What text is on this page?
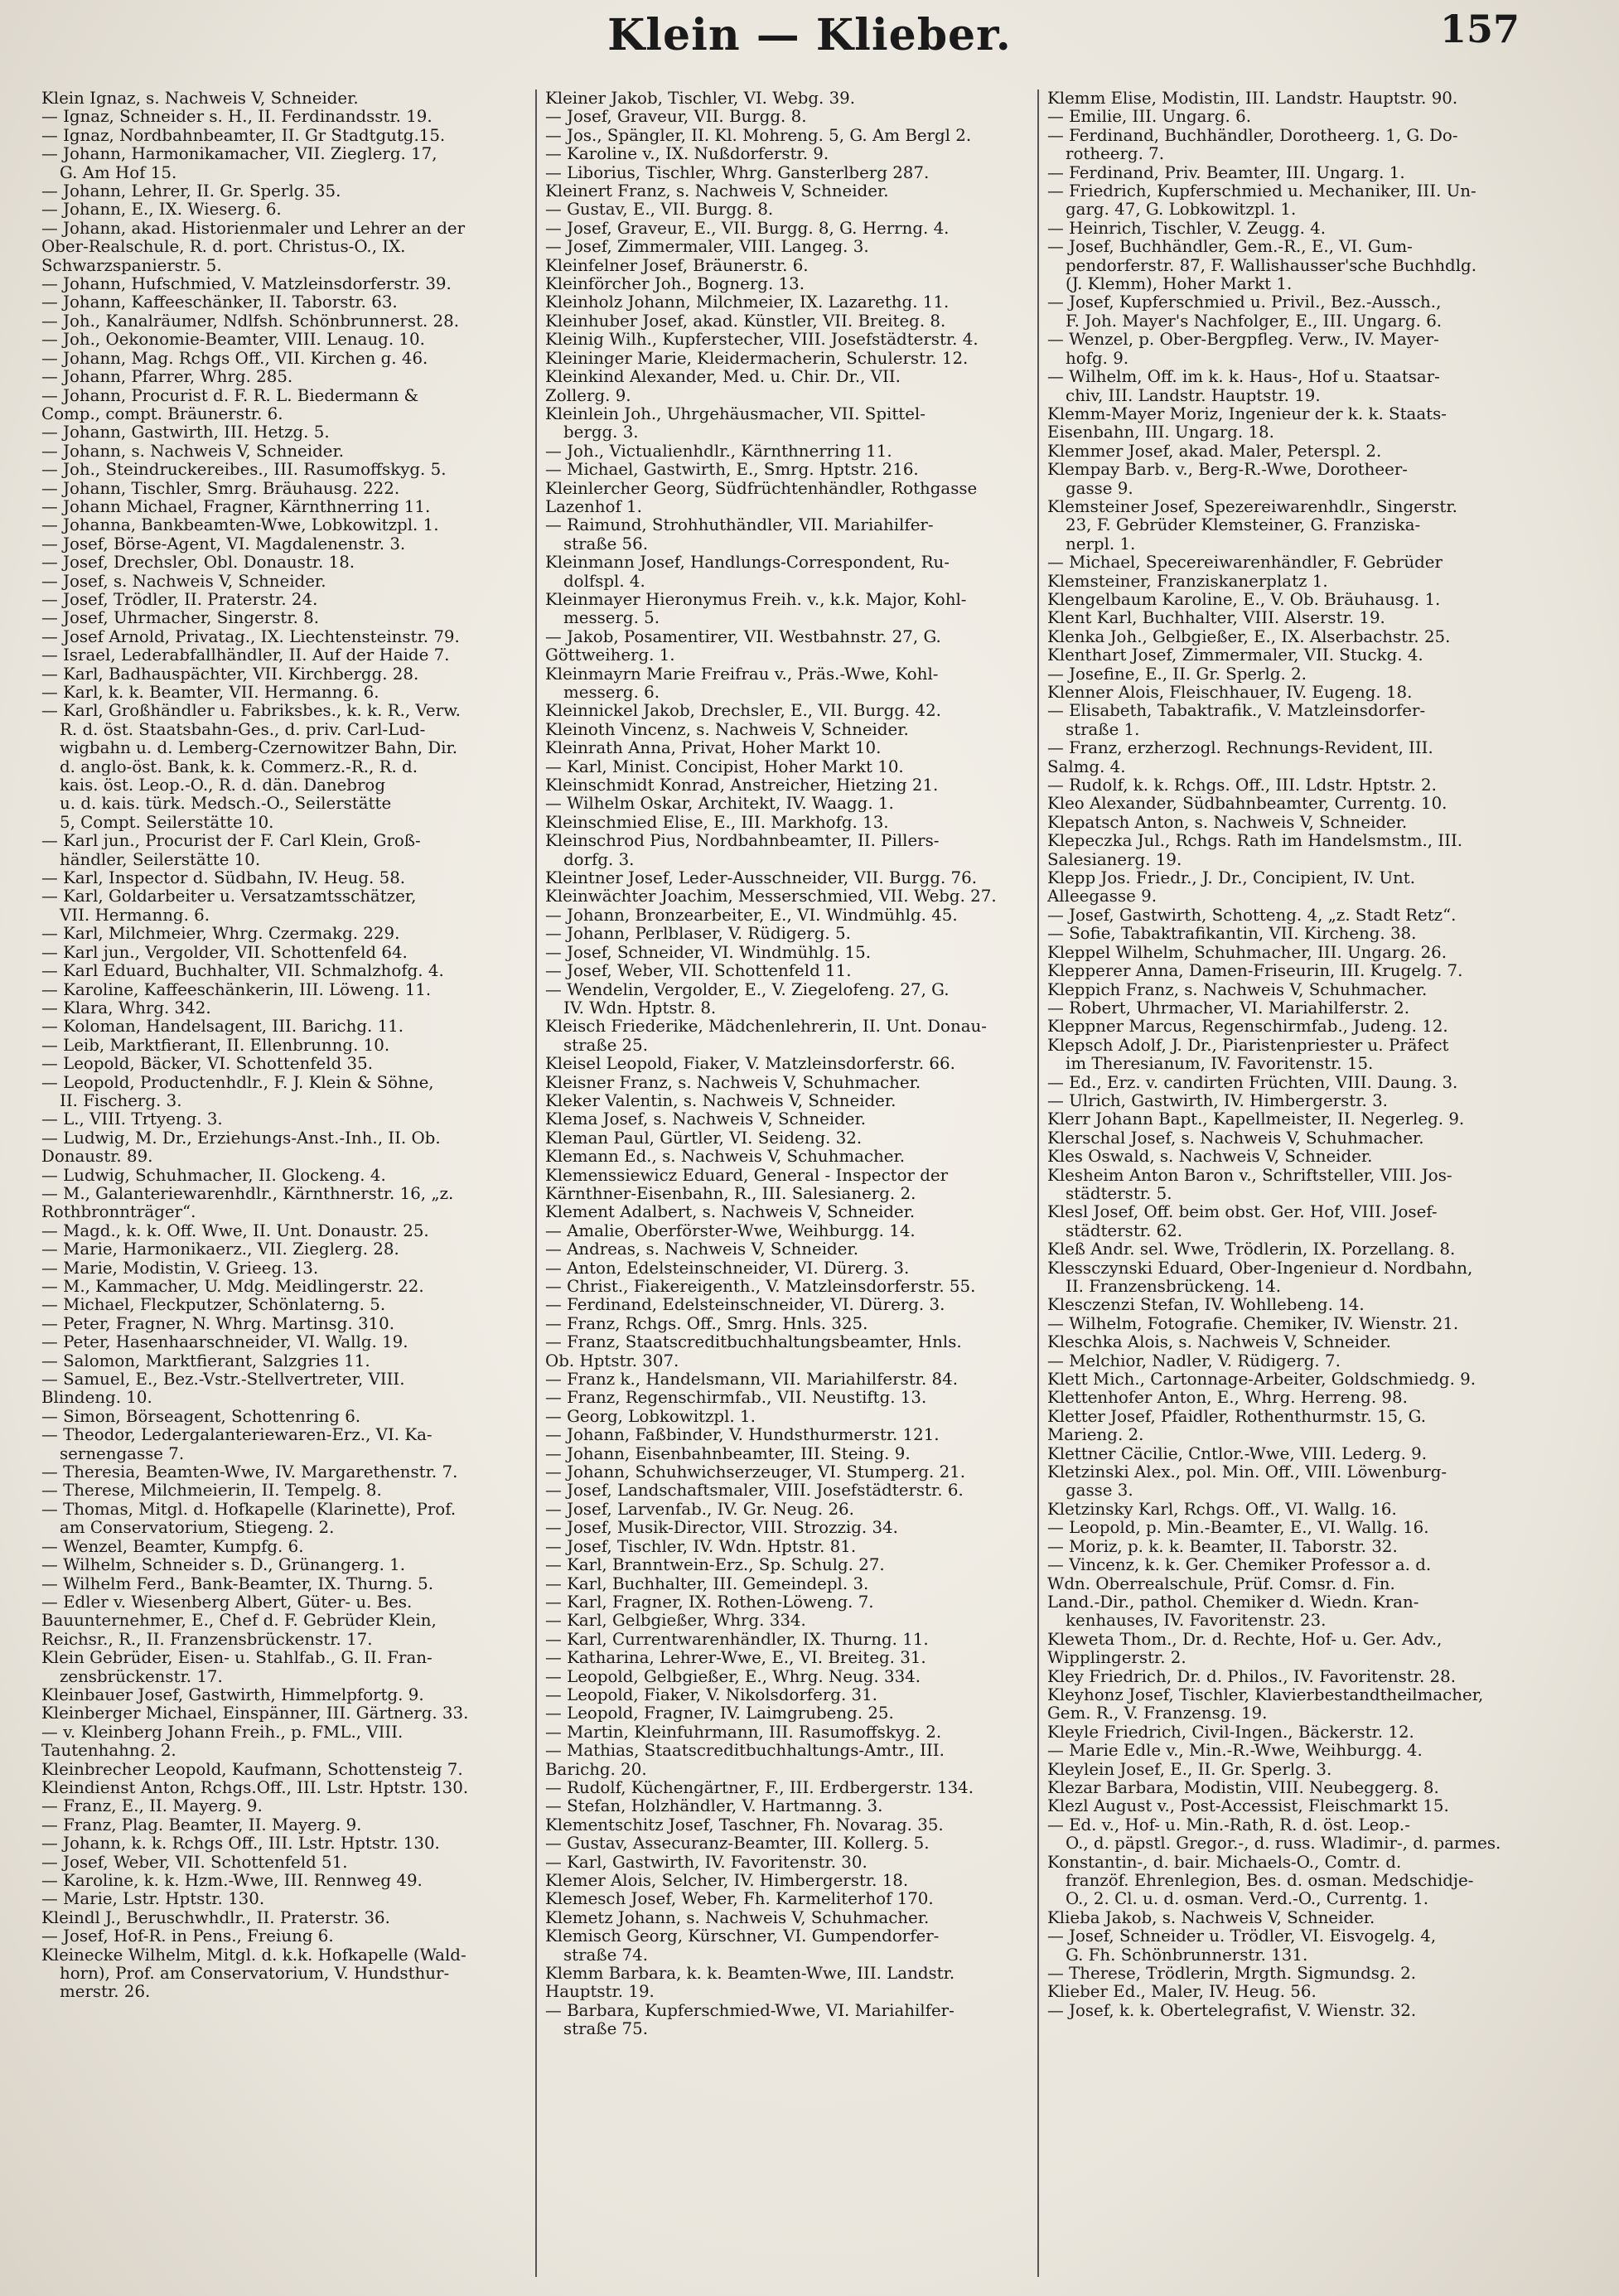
Klein — Klieber.	157
Klein Ignaz, s. Nachweis V, Schneider.
— Ignaz, Schneider s. H., II. Ferdinandsstr. 19.
— Ignaz, Nordbahnbeamter, II. Gr Stadtgutg.15.
— Johann, Harmonikamacher, VII. Zieglerg. 17,
G. Am Hof 15.
— Johann, Lehrer, II. Gr. Sperlg. 35.
— Johann, E., IX. Wieserg. 6.
— Johann, akad. Historienmaler und Lehrer an der
Ober-Realschule, R. d. port. Christus-O., IX.
Schwarzspanierstr. 5.
— Johann, Hufschmied, V. Matzleinsdorferstr. 39.
— Johann, Kaffeeschänker, II. Taborstr. 63.
— Joh., Kanalräumer, Ndlfsh. Schönbrunnerst. 28.
— Joh., Oekonomie-Beamter, VIII. Lenaug. 10.
— Johann, Mag. Rchgs Off., VII. Kirchen g. 46.
— Johann, Pfarrer, Whrg. 285.
— Johann, Procurist d. F. R. L. Biedermann &
Comp., compt. Bräunerstr. 6.
— Johann, Gastwirth, III. Hetzg. 5.
— Johann, s. Nachweis V, Schneider.
— Joh., Steindruckereibes., III. Rasumoffskyg. 5.
— Johann, Tischler, Smrg. Bräuhausg. 222.
— Johann Michael, Fragner, Kärnthnerring 11.
— Johanna, Bankbeamten-Wwe, Lobkowitzpl. 1.
— Josef, Börse-Agent, VI. Magdalenenstr. 3.
— Josef, Drechsler, Obl. Donaustr. 18.
— Josef, s. Nachweis V, Schneider.
— Josef, Trödler, II. Praterstr. 24.
— Josef, Uhrmacher, Singerstr. 8.
— Josef Arnold, Privatag., IX. Liechtensteinstr. 79.
— Israel, Lederabfallhändler, II. Auf der Haide 7.
— Karl, Badhauspächter, VII. Kirchbergg. 28.
— Karl, k. k. Beamter, VII. Hermanng. 6.
— Karl, Großhändler u. Fabriksbes., k. k. R., Verw.
R. d. öst. Staatsbahn-Ges., d. priv. Carl-Lud-
wigbahn u. d. Lemberg-Czernowitzer Bahn, Dir.
d. anglo-öst. Bank, k. k. Commerz.-R., R. d.
kais. öst. Leop.-O., R. d. dän. Danebrog
u. d. kais. türk. Medsch.-O., Seilerstätte
5, Compt. Seilerstätte 10.
— Karl jun., Procurist der F. Carl Klein, Groß-
händler, Seilerstätte 10.
— Karl, Inspector d. Südbahn, IV. Heug. 58.
— Karl, Goldarbeiter u. Versatzamtsschätzer,
VII. Hermanng. 6.
— Karl, Milchmeier, Whrg. Czermakg. 229.
— Karl jun., Vergolder, VII. Schottenfeld 64.
— Karl Eduard, Buchhalter, VII. Schmalzhofg. 4.
— Karoline, Kaffeeschänkerin, III. Löweng. 11.
— Klara, Whrg. 342.
— Koloman, Handelsagent, III. Barichg. 11.
— Leib, Marktfierant, II. Ellenbrunng. 10.
— Leopold, Bäcker, VI. Schottenfeld 35.
— Leopold, Productenhdlr., F. J. Klein & Söhne,
II. Fischerg. 3.
— L., VIII. Trtyeng. 3.
— Ludwig, M. Dr., Erziehungs-Anst.-Inh., II. Ob.
Donaustr. 89.
— Ludwig, Schuhmacher, II. Glockeng. 4.
— M., Galanteriewarenhdlr., Kärnthnerstr. 16, „z.
Rothbronnträger“.
— Magd., k. k. Off. Wwe, II. Unt. Donaustr. 25.
— Marie, Harmonikaerz., VII. Zieglerg. 28.
— Marie, Modistin, V. Grieeg. 13.
— M., Kammacher, U. Mdg. Meidlingerstr. 22.
— Michael, Fleckputzer, Schönlaterng. 5.
— Peter, Fragner, N. Whrg. Martinsg. 310.
— Peter, Hasenhaarschneider, VI. Wallg. 19.
— Salomon, Marktfierant, Salzgries 11.
— Samuel, E., Bez.-Vstr.-Stellvertreter, VIII.
Blindeng. 10.
— Simon, Börseagent, Schottenring 6.
— Theodor, Ledergalanteriewaren-Erz., VI. Ka-
sernengasse 7.
— Theresia, Beamten-Wwe, IV. Margarethenstr. 7.
— Therese, Milchmeierin, II. Tempelg. 8.
— Thomas, Mitgl. d. Hofkapelle (Klarinette), Prof.
am Conservatorium, Stiegeng. 2.
— Wenzel, Beamter, Kumpfg. 6.
— Wilhelm, Schneider s. D., Grünangerg. 1.
— Wilhelm Ferd., Bank-Beamter, IX. Thurng. 5.
— Edler v. Wiesenberg Albert, Güter- u. Bes.
Bauunternehmer, E., Chef d. F. Gebrüder Klein,
Reichsr., R., II. Franzensbrückenstr. 17.
Klein Gebrüder, Eisen- u. Stahlfab., G. II. Fran-
zensbrückenstr. 17.
Kleinbauer Josef, Gastwirth, Himmelpfortg. 9.
Kleinberger Michael, Einspänner, III. Gärtnerg. 33.
— v. Kleinberg Johann Freih., p. FML., VIII.
Tautenhahng. 2.
Kleinbrecher Leopold, Kaufmann, Schottensteig 7.
Kleindienst Anton, Rchgs.Off., III. Lstr. Hptstr. 130.
— Franz, E., II. Mayerg. 9.
— Franz, Plag. Beamter, II. Mayerg. 9.
— Johann, k. k. Rchgs Off., III. Lstr. Hptstr. 130.
— Josef, Weber, VII. Schottenfeld 51.
— Karoline, k. k. Hzm.-Wwe, III. Rennweg 49.
— Marie, Lstr. Hptstr. 130.
Kleindl J., Beruschwhdlr., II. Praterstr. 36.
— Josef, Hof-R. in Pens., Freiung 6.
Kleinecke Wilhelm, Mitgl. d. k.k. Hofkapelle (Wald-
horn), Prof. am Conservatorium, V. Hundsthur-
merstr. 26.
Kleiner Jakob, Tischler, VI. Webg. 39.
— Josef, Graveur, VII. Burgg. 8.
— Jos., Spängler, II. Kl. Mohreng. 5, G. Am Bergl 2.
— Karoline v., IX. Nußdorferstr. 9.
— Liborius, Tischler, Whrg. Gansterlberg 287.
Kleinert Franz, s. Nachweis V, Schneider.
— Gustav, E., VII. Burgg. 8.
— Josef, Graveur, E., VII. Burgg. 8, G. Herrng. 4.
— Josef, Zimmermaler, VIII. Langeg. 3.
Kleinfelner Josef, Bräunerstr. 6.
Kleinförcher Joh., Bognerg. 13.
Kleinholz Johann, Milchmeier, IX. Lazarethg. 11.
Kleinhuber Josef, akad. Künstler, VII. Breiteg. 8.
Kleinig Wilh., Kupferstecher, VIII. Josefstädterstr. 4.
Kleininger Marie, Kleidermacherin, Schulerstr. 12.
Kleinkind Alexander, Med. u. Chir. Dr., VII.
Zollerg. 9.
Kleinlein Joh., Uhrgehäusmacher, VII. Spittel-
bergg. 3.
— Joh., Victualienhdlr., Kärnthnerring 11.
— Michael, Gastwirth, E., Smrg. Hptstr. 216.
Kleinlercher Georg, Südfrüchtenhändler, Rothgasse
Lazenhof 1.
— Raimund, Strohhuthändler, VII. Mariahilfer-
straße 56.
Kleinmann Josef, Handlungs-Correspondent, Ru-
dolfspl. 4.
Kleinmayer Hieronymus Freih. v., k.k. Major, Kohl-
messerg. 5.
— Jakob, Posamentirer, VII. Westbahnstr. 27, G.
Göttweiherg. 1.
Kleinmayrn Marie Freifrau v., Präs.-Wwe, Kohl-
messerg. 6.
Kleinnickel Jakob, Drechsler, E., VII. Burgg. 42.
Kleinoth Vincenz, s. Nachweis V, Schneider.
Kleinrath Anna, Privat, Hoher Markt 10.
— Karl, Minist. Concipist, Hoher Markt 10.
Kleinschmidt Konrad, Anstreicher, Hietzing 21.
— Wilhelm Oskar, Architekt, IV. Waagg. 1.
Kleinschmied Elise, E., III. Markhofg. 13.
Kleinschrod Pius, Nordbahnbeamter, II. Pillers-
dorfg. 3.
Kleintner Josef, Leder-Ausschneider, VII. Burgg. 76.
Kleinwächter Joachim, Messerschmied, VII. Webg. 27.
— Johann, Bronzearbeiter, E., VI. Windmühlg. 45.
— Johann, Perlblaser, V. Rüdigerg. 5.
— Josef, Schneider, VI. Windmühlg. 15.
— Josef, Weber, VII. Schottenfeld 11.
— Wendelin, Vergolder, E., V. Ziegelofeng. 27, G.
IV. Wdn. Hptstr. 8.
Kleisch Friederike, Mädchenlehrerin, II. Unt. Donau-
straße 25.
Kleisel Leopold, Fiaker, V. Matzleinsdorferstr. 66.
Kleisner Franz, s. Nachweis V, Schuhmacher.
Kleker Valentin, s. Nachweis V, Schneider.
Klema Josef, s. Nachweis V, Schneider.
Kleman Paul, Gürtler, VI. Seideng. 32.
Klemann Ed., s. Nachweis V, Schuhmacher.
Klemenssiewicz Eduard, General - Inspector der
Kärnthner-Eisenbahn, R., III. Salesianerg. 2.
Klement Adalbert, s. Nachweis V, Schneider.
— Amalie, Oberförster-Wwe, Weihburgg. 14.
— Andreas, s. Nachweis V, Schneider.
— Anton, Edelsteinschneider, VI. Dürerg. 3.
— Christ., Fiakereigenth., V. Matzleinsdorferstr. 55.
— Ferdinand, Edelsteinschneider, VI. Dürerg. 3.
— Franz, Rchgs. Off., Smrg. Hnls. 325.
— Franz, Staatscreditbuchhaltungsbeamter, Hnls.
Ob. Hptstr. 307.
— Franz k., Handelsmann, VII. Mariahilferstr. 84.
— Franz, Regenschirmfab., VII. Neustiftg. 13.
— Georg, Lobkowitzpl. 1.
— Johann, Faßbinder, V. Hundsthurmerstr. 121.
— Johann, Eisenbahnbeamter, III. Steing. 9.
— Johann, Schuhwichserzeuger, VI. Stumperg. 21.
— Josef, Landschaftsmaler, VIII. Josefstädterstr. 6.
— Josef, Larvenfab., IV. Gr. Neug. 26.
— Josef, Musik-Director, VIII. Strozzig. 34.
— Josef, Tischler, IV. Wdn. Hptstr. 81.
— Karl, Branntwein-Erz., Sp. Schulg. 27.
— Karl, Buchhalter, III. Gemeindepl. 3.
— Karl, Fragner, IX. Rothen-Löweng. 7.
— Karl, Gelbgießer, Whrg. 334.
— Karl, Currentwarenhändler, IX. Thurng. 11.
— Katharina, Lehrer-Wwe, E., VI. Breiteg. 31.
— Leopold, Gelbgießer, E., Whrg. Neug. 334.
— Leopold, Fiaker, V. Nikolsdorferg. 31.
— Leopold, Fragner, IV. Laimgrubeng. 25.
— Martin, Kleinfuhrmann, III. Rasumoffskyg. 2.
— Mathias, Staatscreditbuchhaltungs-Amtr., III.
Barichg. 20.
— Rudolf, Küchengärtner, F., III. Erdbergerstr. 134.
— Stefan, Holzhändler, V. Hartmanng. 3.
Klementschitz Josef, Taschner, Fh. Novarag. 35.
— Gustav, Assecuranz-Beamter, III. Kollerg. 5.
— Karl, Gastwirth, IV. Favoritenstr. 30.
Klemer Alois, Selcher, IV. Himbergerstr. 18.
Klemesch Josef, Weber, Fh. Karmeliterhof 170.
Klemetz Johann, s. Nachweis V, Schuhmacher.
Klemisch Georg, Kürschner, VI. Gumpendorfer-
straße 74.
Klemm Barbara, k. k. Beamten-Wwe, III. Landstr.
Hauptstr. 19.
— Barbara, Kupferschmied-Wwe, VI. Mariahilfer-
straße 75.
Klemm Elise, Modistin, III. Landstr. Hauptstr. 90.
— Emilie, III. Ungarg. 6.
— Ferdinand, Buchhändler, Dorotheerg. 1, G. Do-
rotheerg. 7.
— Ferdinand, Priv. Beamter, III. Ungarg. 1.
— Friedrich, Kupferschmied u. Mechaniker, III. Un-
garg. 47, G. Lobkowitzpl. 1.
— Heinrich, Tischler, V. Zeugg. 4.
— Josef, Buchhändler, Gem.-R., E., VI. Gum-
pendorferstr. 87, F. Wallishausser'sche Buchhdlg.
(J. Klemm), Hoher Markt 1.
— Josef, Kupferschmied u. Privil., Bez.-Aussch.,
F. Joh. Mayer's Nachfolger, E., III. Ungarg. 6.
— Wenzel, p. Ober-Bergpfleg. Verw., IV. Mayer-
hofg. 9.
— Wilhelm, Off. im k. k. Haus-, Hof u. Staatsar-
chiv, III. Landstr. Hauptstr. 19.
Klemm-Mayer Moriz, Ingenieur der k. k. Staats-
Eisenbahn, III. Ungarg. 18.
Klemmer Josef, akad. Maler, Peterspl. 2.
Klempay Barb. v., Berg-R.-Wwe, Dorotheer-
gasse 9.
Klemsteiner Josef, Spezereiwarenhdlr., Singerstr.
23, F. Gebrüder Klemsteiner, G. Franziska-
nerpl. 1.
— Michael, Specereiwarenhändler, F. Gebrüder
Klemsteiner, Franziskanerplatz 1.
Klengelbaum Karoline, E., V. Ob. Bräuhausg. 1.
Klent Karl, Buchhalter, VIII. Alserstr. 19.
Klenka Joh., Gelbgießer, E., IX. Alserbachstr. 25.
Klenthart Josef, Zimmermaler, VII. Stuckg. 4.
— Josefine, E., II. Gr. Sperlg. 2.
Klenner Alois, Fleischhauer, IV. Eugeng. 18.
— Elisabeth, Tabaktrafik., V. Matzleinsdorfer-
straße 1.
— Franz, erzherzogl. Rechnungs-Revident, III.
Salmg. 4.
— Rudolf, k. k. Rchgs. Off., III. Ldstr. Hptstr. 2.
Kleo Alexander, Südbahnbeamter, Currentg. 10.
Klepatsch Anton, s. Nachweis V, Schneider.
Klepeczka Jul., Rchgs. Rath im Handelsmstm., III.
Salesianerg. 19.
Klepp Jos. Friedr., J. Dr., Concipient, IV. Unt.
Alleegasse 9.
— Josef, Gastwirth, Schotteng. 4, „z. Stadt Retz“.
— Sofie, Tabaktrafikantin, VII. Kircheng. 38.
Kleppel Wilhelm, Schuhmacher, III. Ungarg. 26.
Klepperer Anna, Damen-Friseurin, III. Krugelg. 7.
Kleppich Franz, s. Nachweis V, Schuhmacher.
— Robert, Uhrmacher, VI. Mariahilferstr. 2.
Kleppner Marcus, Regenschirmfab., Judeng. 12.
Klepsch Adolf, J. Dr., Piaristenpriester u. Präfect
im Theresianum, IV. Favoritenstr. 15.
— Ed., Erz. v. candirten Früchten, VIII. Daung. 3.
— Ulrich, Gastwirth, IV. Himbergerstr. 3.
Klerr Johann Bapt., Kapellmeister, II. Negerleg. 9.
Klerschal Josef, s. Nachweis V, Schuhmacher.
Kles Oswald, s. Nachweis V, Schneider.
Klesheim Anton Baron v., Schriftsteller, VIII. Jos-
städterstr. 5.
Klesl Josef, Off. beim obst. Ger. Hof, VIII. Josef-
städterstr. 62.
Kleß Andr. sel. Wwe, Trödlerin, IX. Porzellang. 8.
Klessczynski Eduard, Ober-Ingenieur d. Nordbahn,
II. Franzensbrückeng. 14.
Klesczenzi Stefan, IV. Wohllebeng. 14.
— Wilhelm, Fotografie. Chemiker, IV. Wienstr. 21.
Kleschka Alois, s. Nachweis V, Schneider.
— Melchior, Nadler, V. Rüdigerg. 7.
Klett Mich., Cartonnage-Arbeiter, Goldschmiedg. 9.
Klettenhofer Anton, E., Whrg. Herreng. 98.
Kletter Josef, Pfaidler, Rothenthurmstr. 15, G.
Marieng. 2.
Klettner Cäcilie, Cntlor.-Wwe, VIII. Lederg. 9.
Kletzinski Alex., pol. Min. Off., VIII. Löwenburg-
gasse 3.
Kletzinsky Karl, Rchgs. Off., VI. Wallg. 16.
— Leopold, p. Min.-Beamter, E., VI. Wallg. 16.
— Moriz, p. k. k. Beamter, II. Taborstr. 32.
— Vincenz, k. k. Ger. Chemiker Professor a. d.
Wdn. Oberrealschule, Prüf. Comsr. d. Fin.
Land.-Dir., pathol. Chemiker d. Wiedn. Kran-
kenhauses, IV. Favoritenstr. 23.
Kleweta Thom., Dr. d. Rechte, Hof- u. Ger. Adv.,
Wipplingerstr. 2.
Kley Friedrich, Dr. d. Philos., IV. Favoritenstr. 28.
Kleyhonz Josef, Tischler, Klavierbestandtheilmacher,
Gem. R., V. Franzensg. 19.
Kleyle Friedrich, Civil-Ingen., Bäckerstr. 12.
— Marie Edle v., Min.-R.-Wwe, Weihburgg. 4.
Kleylein Josef, E., II. Gr. Sperlg. 3.
Klezar Barbara, Modistin, VIII. Neubeggerg. 8.
Klezl August v., Post-Accessist, Fleischmarkt 15.
— Ed. v., Hof- u. Min.-Rath, R. d. öst. Leop.-
O., d. päpstl. Gregor.-, d. russ. Wladimir-, d. parmes.
Konstantin-, d. bair. Michaels-O., Comtr. d.
franzöf. Ehrenlegion, Bes. d. osman. Medschidje-
O., 2. Cl. u. d. osman. Verd.-O., Currentg. 1.
Klieba Jakob, s. Nachweis V, Schneider.
— Josef, Schneider u. Trödler, VI. Eisvogelg. 4,
G. Fh. Schönbrunnerstr. 131.
— Therese, Trödlerin, Mrgth. Sigmundsg. 2.
Klieber Ed., Maler, IV. Heug. 56.
— Josef, k. k. Obertelegrafist, V. Wienstr. 32.
